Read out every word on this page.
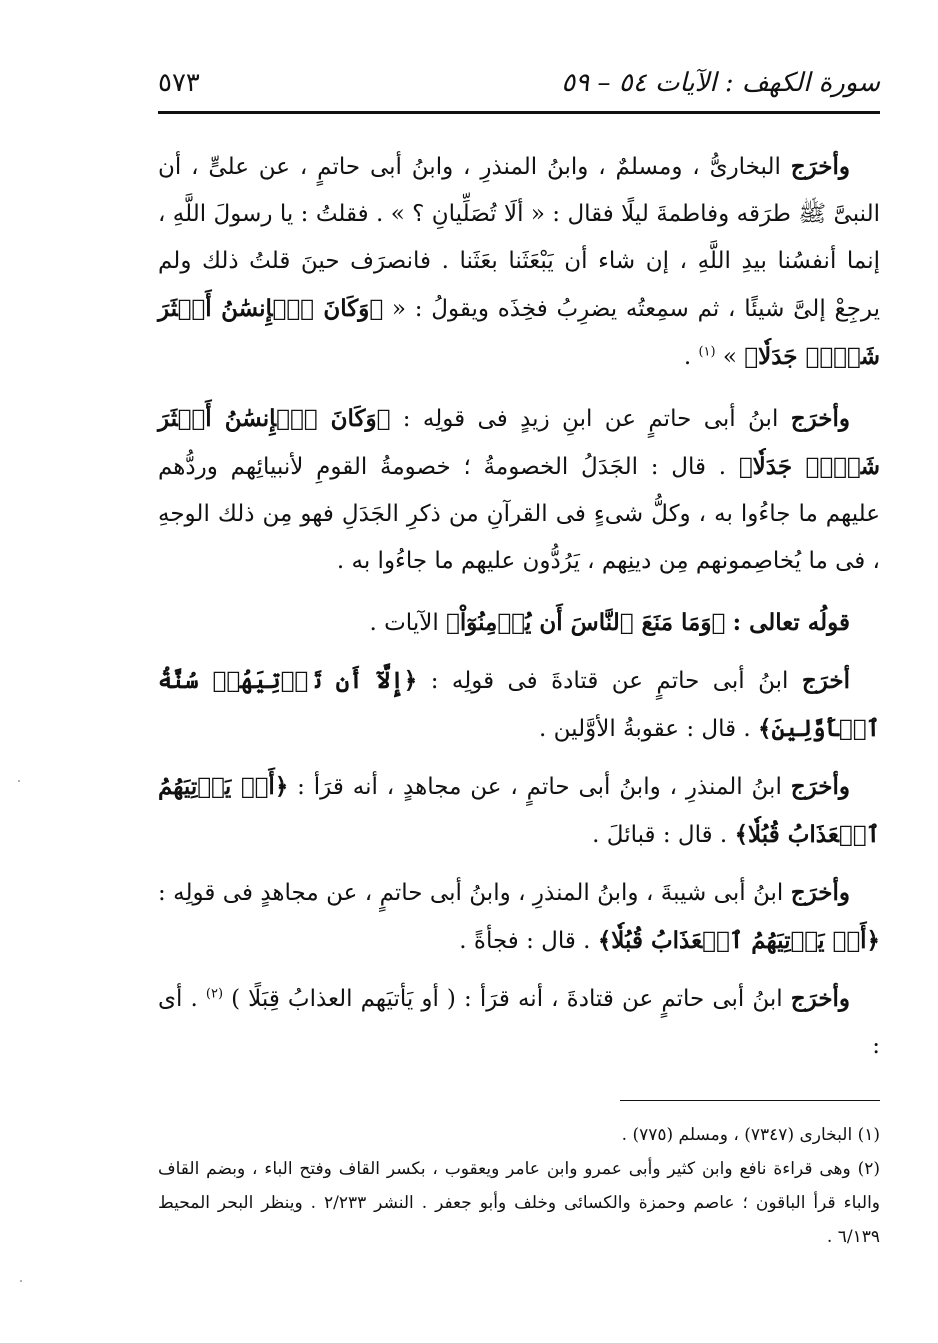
سورة الكهف : الآيات ٥٤ – ٥٩
٥٧٣

وأخرَج البخارىُّ ، ومسلمٌ ، وابنُ المنذرِ ، وابنُ أبى حاتمٍ ، عن علىٍّ ، أن النبىَّ ﷺ طرَقه وفاطمةَ ليلًا فقال : « ألَا تُصَلِّيانِ ؟ » . فقلتُ : يا رسولَ اللَّهِ ، إنما أنفسُنا بيدِ اللَّهِ ، إن شاء أن يَبْعَثَنا بعَثَنا . فانصرَف حينَ قلتُ ذلك ولم يرجِعْ إلىَّ شيئًا ، ثم سمِعتُه يضرِبُ فخِذَه ويقولُ : « ﴿وَكَانَ ٱلۡإِنسَٰنُ أَكۡثَرَ شَيۡءٖ جَدَلٗا﴾ » $^{(١)}$ .

وأخرَج ابنُ أبى حاتمٍ عن ابنِ زيدٍ فى قولِه : ﴿وَكَانَ ٱلۡإِنسَٰنُ أَكۡثَرَ شَيۡءٖ جَدَلٗا﴾ . قال : الجَدَلُ الخصومةُ ؛ خصومةُ القومِ لأنبيائِهم وردُّهم عليهم ما جاءُوا به ، وكلُّ شىءٍ فى القرآنِ من ذكرِ الجَدَلِ فهو مِن ذلك الوجهِ ، فى ما يُخاصِمونهم مِن دينِهم ، يَرُدُّون عليهم ما جاءُوا به .

قولُه تعالى : ﴿وَمَا مَنَعَ ٱلنَّاسَ أَن يُؤۡمِنُوٓاْ﴾ الآيات .

أخرَج ابنُ أبى حاتمٍ عن قتادةَ فى قولِه : ﴿إِلَّآ أَن تَأۡتِيَهُمۡ سُنَّةُ ٱلۡأَوَّلِينَ﴾ . قال : عقوبةُ الأوَّلين .

وأخرَج ابنُ المنذرِ ، وابنُ أبى حاتمٍ ، عن مجاهدٍ ، أنه قرَأ : ﴿أَوۡ يَأۡتِيَهُمُ ٱلۡعَذَابُ قُبُلٗا﴾ . قال : قبائلَ .

وأخرَج ابنُ أبى شيبةَ ، وابنُ المنذرِ ، وابنُ أبى حاتمٍ ، عن مجاهدٍ فى قولِه : ﴿أَوۡ يَأۡتِيَهُمُ ٱلۡعَذَابُ قُبُلٗا﴾ . قال : فجأةً .

وأخرَج ابنُ أبى حاتمٍ عن قتادةَ ، أنه قرَأ : ( أو يَأتيَهم العذابُ قِبَلًا ) $^{(٢)}$ . أى :

(١) البخارى (٧٣٤٧) ، ومسلم (٧٧٥) .

(٢) وهى قراءة نافع وابن كثير وأبى عمرو وابن عامر ويعقوب ، بكسر القاف وفتح الباء ، وبضم القاف والباء قرأ الباقون ؛ عاصم وحمزة والكسائى وخلف وأبو جعفر . النشر ٢/٢٣٣ . وينظر البحر المحيط ٦/١٣٩ .
